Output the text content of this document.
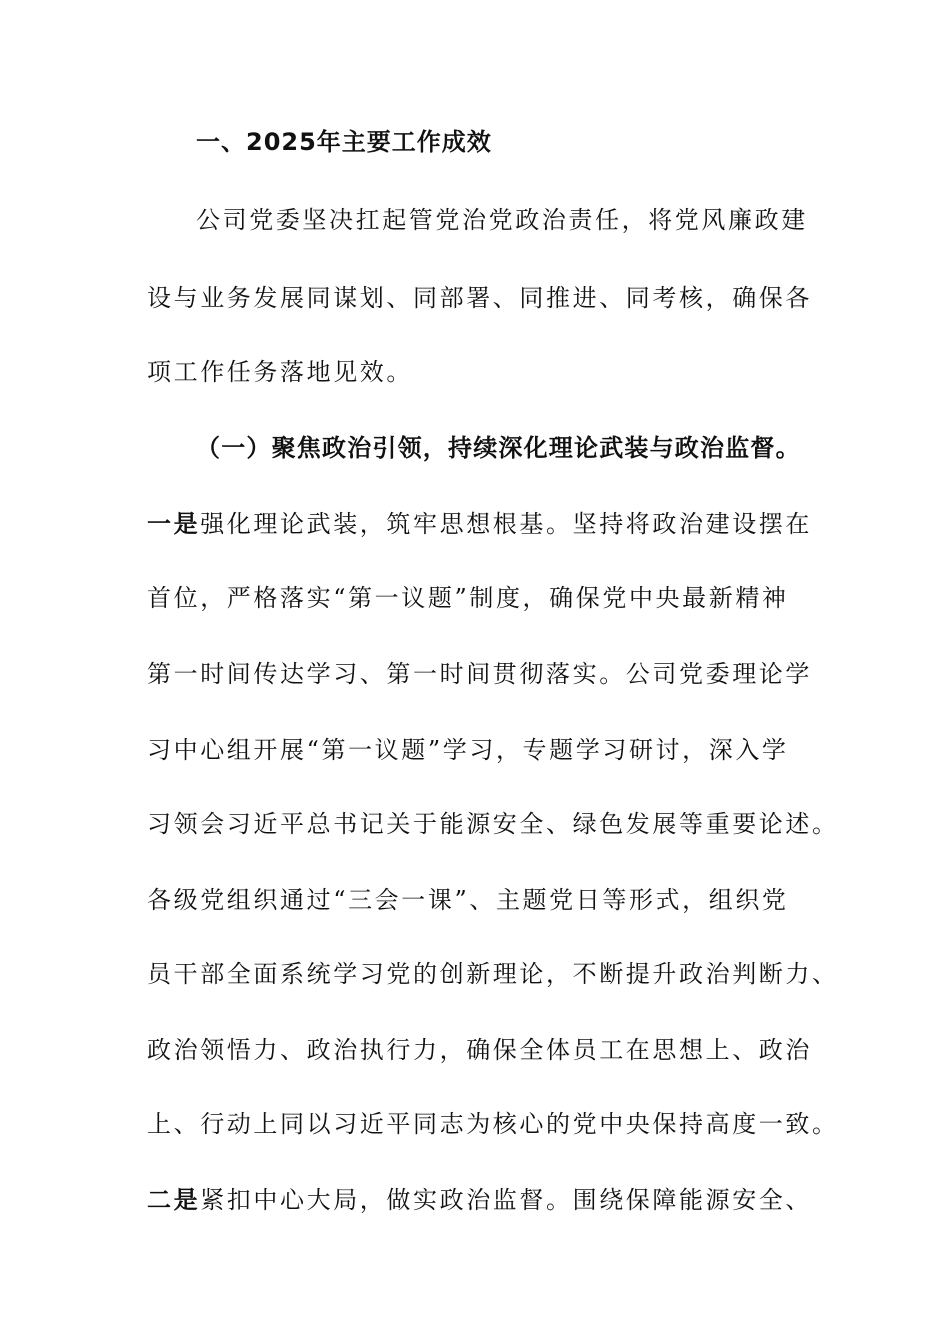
一、2025年主要工作成效
公司党委坚决扛起管党治党政治责任，将党风廉政建
设与业务发展同谋划、同部署、同推进、同考核，确保各
项工作任务落地见效。
（一）聚焦政治引领，持续深化理论武装与政治监督。
一是强化理论武装，筑牢思想根基。坚持将政治建设摆在
首位，严格落实“第一议题”制度，确保党中央最新精神
第一时间传达学习、第一时间贯彻落实。公司党委理论学
习中心组开展“第一议题”学习，专题学习研讨，深入学
习领会习近平总书记关于能源安全、绿色发展等重要论述。
各级党组织通过“三会一课”、主题党日等形式，组织党
员干部全面系统学习党的创新理论，不断提升政治判断力、
政治领悟力、政治执行力，确保全体员工在思想上、政治
上、行动上同以习近平同志为核心的党中央保持高度一致。
二是紧扣中心大局，做实政治监督。围绕保障能源安全、
